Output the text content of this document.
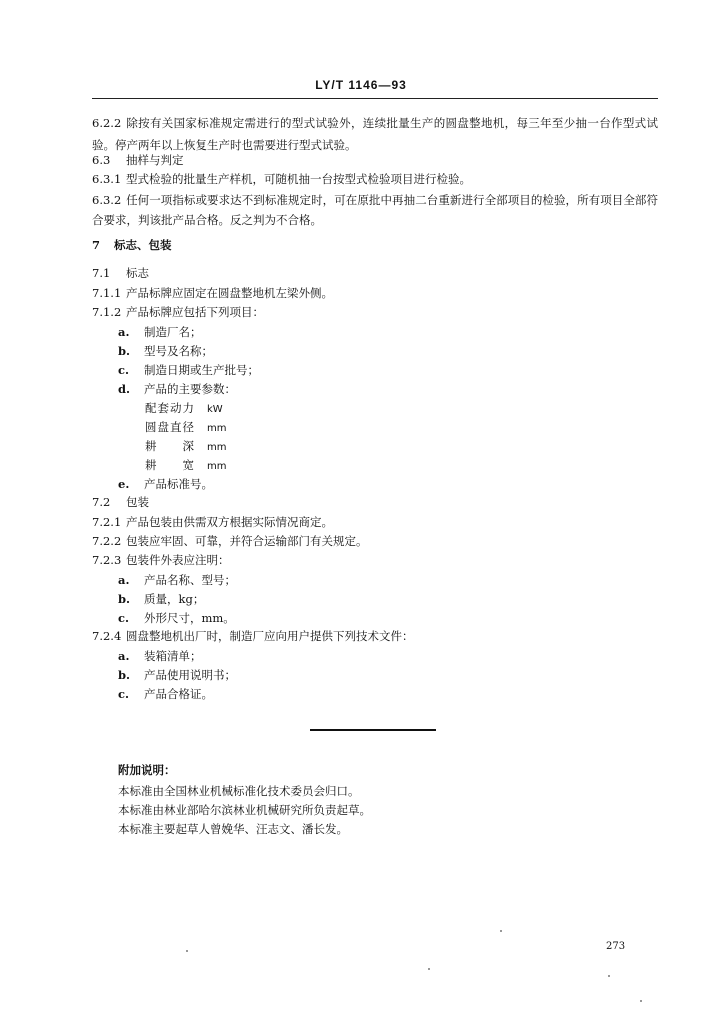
LY/T 1146—93
6.2.2 除按有关国家标准规定需进行的型式试验外，连续批量生产的圆盘整地机，每三年至少抽一台作型式试验。停产两年以上恢复生产时也需要进行型式试验。
6.3 抽样与判定
6.3.1 型式检验的批量生产样机，可随机抽一台按型式检验项目进行检验。
6.3.2 任何一项指标或要求达不到标准规定时，可在原批中再抽二台重新进行全部项目的检验，所有项目全部符合要求，判该批产品合格。反之判为不合格。
7 标志、包装
7.1 标志
7.1.1 产品标牌应固定在圆盘整地机左梁外侧。
7.1.2 产品标牌应包括下列项目：
a. 制造厂名；
b. 型号及名称；
c. 制造日期或生产批号；
d. 产品的主要参数：
配套动力 kW
圆盘直径 mm
耕　　深 mm
耕　　宽 mm
e. 产品标准号。
7.2 包装
7.2.1 产品包装由供需双方根据实际情况商定。
7.2.2 包装应牢固、可靠，并符合运输部门有关规定。
7.2.3 包装件外表应注明：
a. 产品名称、型号；
b. 质量，kg；
c. 外形尺寸，mm。
7.2.4 圆盘整地机出厂时，制造厂应向用户提供下列技术文件：
a. 装箱清单；
b. 产品使用说明书；
c. 产品合格证。
附加说明：
本标准由全国林业机械标准化技术委员会归口。
本标准由林业部哈尔滨林业机械研究所负责起草。
本标准主要起草人曾娩华、汪志文、潘长发。
273
